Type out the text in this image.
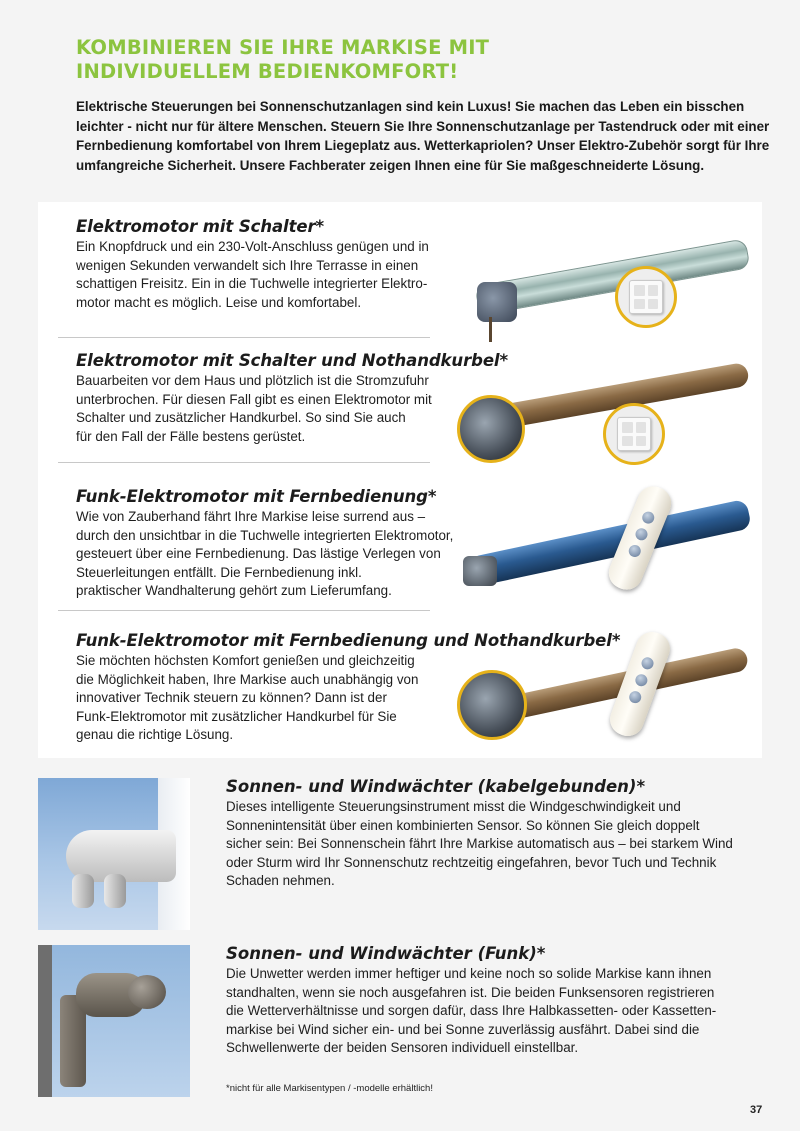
KOMBINIEREN SIE IHRE MARKISE MIT
INDIVIDUELLEM BEDIENKOMFORT!

Elektrische Steuerungen bei Sonnenschutzanlagen sind kein Luxus! Sie machen das Leben ein bisschen leichter - nicht nur für ältere Menschen. Steuern Sie Ihre Sonnenschutzanlage per Tastendruck oder mit einer Fernbedienung komfortabel von Ihrem Liegeplatz aus. Wetterkapriolen? Unser Elektro-Zubehör sorgt für Ihre umfangreiche Sicherheit. Unsere Fachberater zeigen Ihnen eine für Sie maßgeschneiderte Lösung.

Elektromotor mit Schalter*

Ein Knopfdruck und ein 230-Volt-Anschluss genügen und in
wenigen Sekunden verwandelt sich Ihre Terrasse in einen
schattigen Freisitz. Ein in die Tuchwelle integrierter Elektro-
motor macht es möglich. Leise und komfortabel.

Elektromotor mit Schalter und Nothandkurbel*

Bauarbeiten vor dem Haus und plötzlich ist die Stromzufuhr
unterbrochen. Für diesen Fall gibt es einen Elektromotor mit
Schalter und zusätzlicher Handkurbel. So sind Sie auch
für den Fall der Fälle bestens gerüstet.

Funk-Elektromotor mit Fernbedienung*

Wie von Zauberhand fährt Ihre Markise leise surrend aus –
durch den unsichtbar in die Tuchwelle integrierten Elektromotor,
gesteuert über eine Fernbedienung. Das lästige Verlegen von
Steuerleitungen entfällt. Die Fernbedienung inkl.
praktischer Wandhalterung gehört zum Lieferumfang.

Funk-Elektromotor mit Fernbedienung und Nothandkurbel*

Sie möchten höchsten Komfort genießen und gleichzeitig
die Möglichkeit haben, Ihre Markise auch unabhängig von
innovativer Technik steuern zu können? Dann ist der
Funk-Elektromotor mit zusätzlicher Handkurbel für Sie
genau die richtige Lösung.

Sonnen- und Windwächter (kabelgebunden)*

Dieses intelligente Steuerungsinstrument misst die Windgeschwindigkeit und
Sonnenintensität über einen kombinierten Sensor. So können Sie gleich doppelt
sicher sein: Bei Sonnenschein fährt Ihre Markise automatisch aus – bei starkem Wind
oder Sturm wird Ihr Sonnenschutz rechtzeitig eingefahren, bevor Tuch und Technik
Schaden nehmen.

Sonnen- und Windwächter (Funk)*

Die Unwetter werden immer heftiger und keine noch so solide Markise kann ihnen
standhalten, wenn sie noch ausgefahren ist. Die beiden Funksensoren registrieren
die Wetterverhältnisse und sorgen dafür, dass Ihre Halbkassetten- oder Kassetten-
markise bei Wind sicher ein- und bei Sonne zuverlässig ausfährt. Dabei sind die
Schwellenwerte der beiden Sensoren individuell einstellbar.

*nicht für alle Markisentypen / -modelle erhältlich!
37
